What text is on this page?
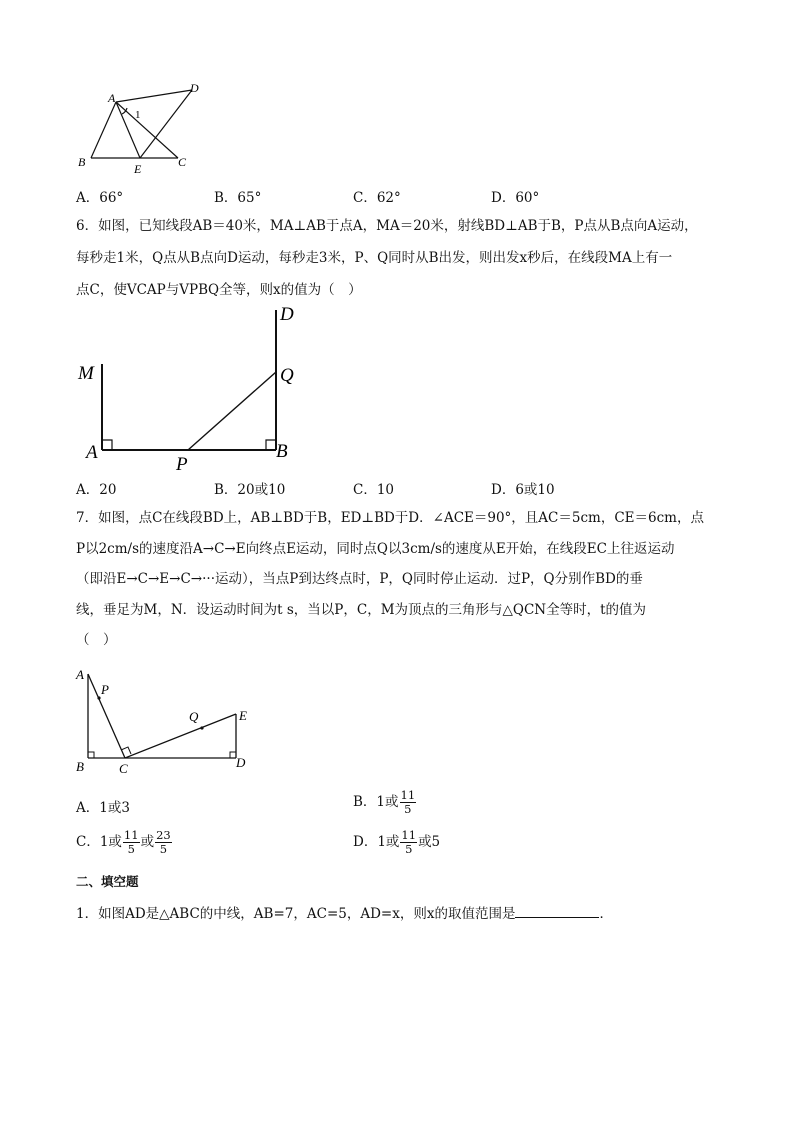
A
D
1
B	E	C
A．66°	B．65°	C．62°	D．60°
6．如图，已知线段AB＝40米，MA⊥AB于点A，MA＝20米，射线BD⊥AB于B，P点从B点向A运动，
每秒走1米，Q点从B点向D运动，每秒走3米，P、Q同时从B出发，则出发x秒后，在线段MA上有一
点C，使VCAP与VPBQ全等，则x的值为（　）
M
D
Q
A	B
P
A．20	B．20或10	C．10	D．6或10
7．如图，点C在线段BD上，AB⊥BD于B，ED⊥BD于D．∠ACE＝90°，且AC＝5cm，CE＝6cm，点
P以2cm/s的速度沿A→C→E向终点E运动，同时点Q以3cm/s的速度从E开始，在线段EC上往返运动
（即沿E→C→E→C→···运动），当点P到达终点时，P，Q同时停止运动．过P，Q分别作BD的垂
线，垂足为M，N．设运动时间为t s，当以P，C，M为顶点的三角形与△QCN全等时，t的值为
（　）
A
P
Q	E
B	C	D
A．1或3	B．1或 $\frac{11}{5}$
C．1或 $\frac{11}{5}$ 或 $\frac{23}{5}$	D．1或 $\frac{11}{5}$ 或5
二、填空题
1．如图AD是△ABC的中线，AB=7，AC=5，AD=x，则x的取值范围是	．
